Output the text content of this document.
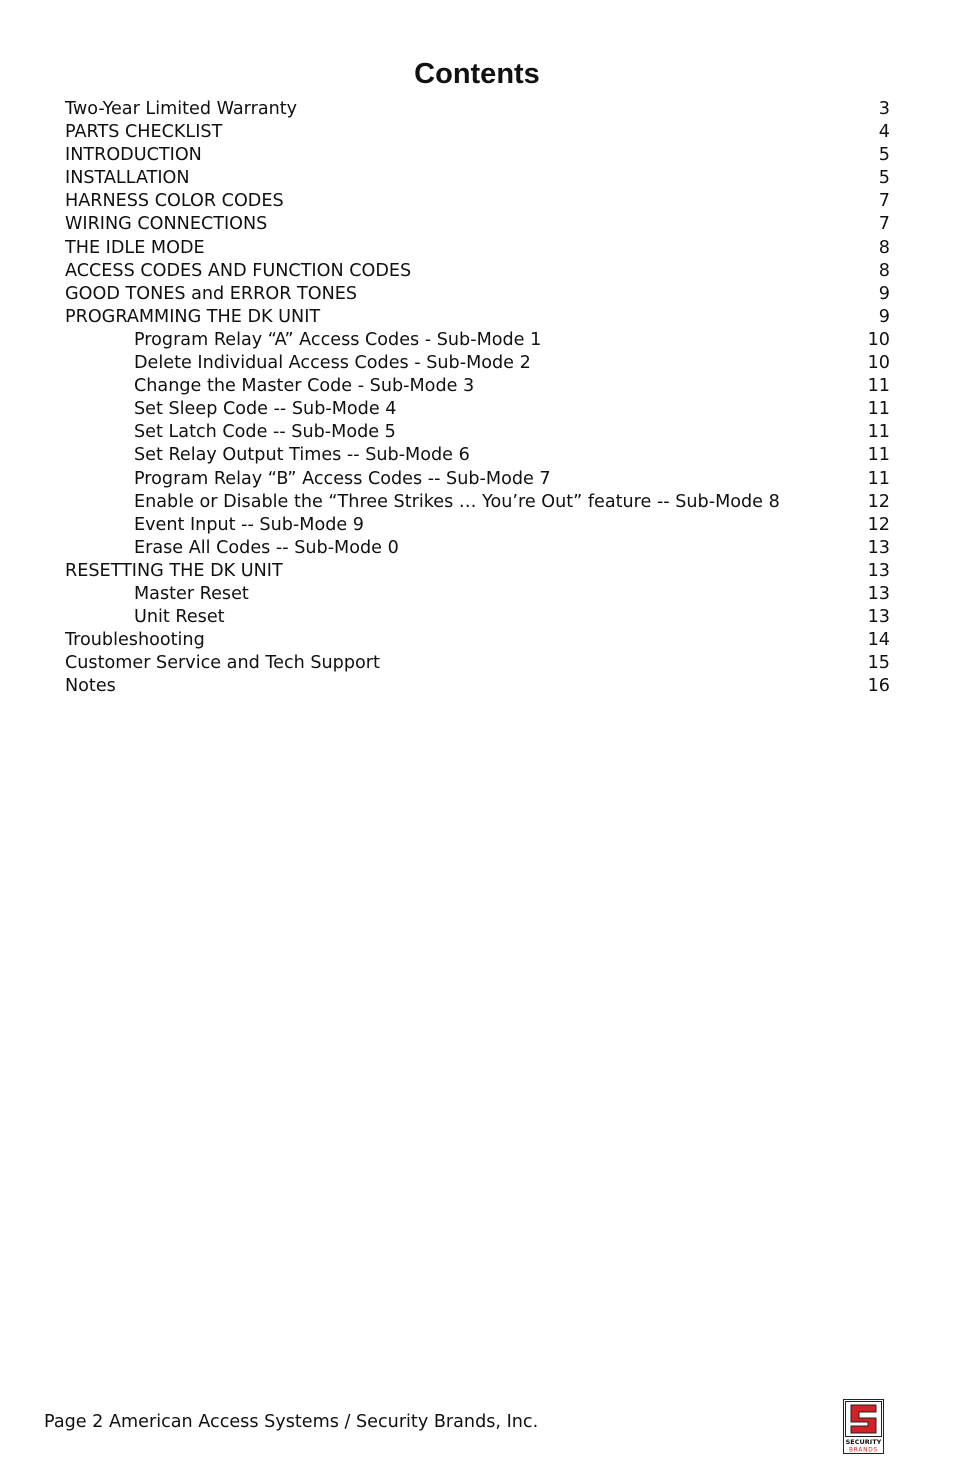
Contents
Two-Year Limited Warranty	3
PARTS CHECKLIST	4
INTRODUCTION	5
INSTALLATION	5
HARNESS COLOR CODES	7
WIRING CONNECTIONS	7
THE IDLE MODE	8
ACCESS CODES AND FUNCTION CODES	8
GOOD TONES and ERROR TONES	9
PROGRAMMING THE DK UNIT	9
Program Relay “A” Access Codes - Sub-Mode 1	10
Delete Individual Access Codes - Sub-Mode 2	10
Change the Master Code - Sub-Mode 3	11
Set Sleep Code -- Sub-Mode 4	11
Set Latch Code -- Sub-Mode 5	11
Set Relay Output Times -- Sub-Mode 6	11
Program Relay “B” Access Codes -- Sub-Mode 7	11
Enable or Disable the “Three Strikes … You’re Out” feature -- Sub-Mode 8	12
Event Input -- Sub-Mode 9	12
Erase All Codes -- Sub-Mode 0	13
RESETTING THE DK UNIT	13
Master Reset	13
Unit Reset	13
Troubleshooting	14
Customer Service and Tech Support	15
Notes	16
Page 2 American Access Systems / Security Brands, Inc.
SECURITY
BRANDS
